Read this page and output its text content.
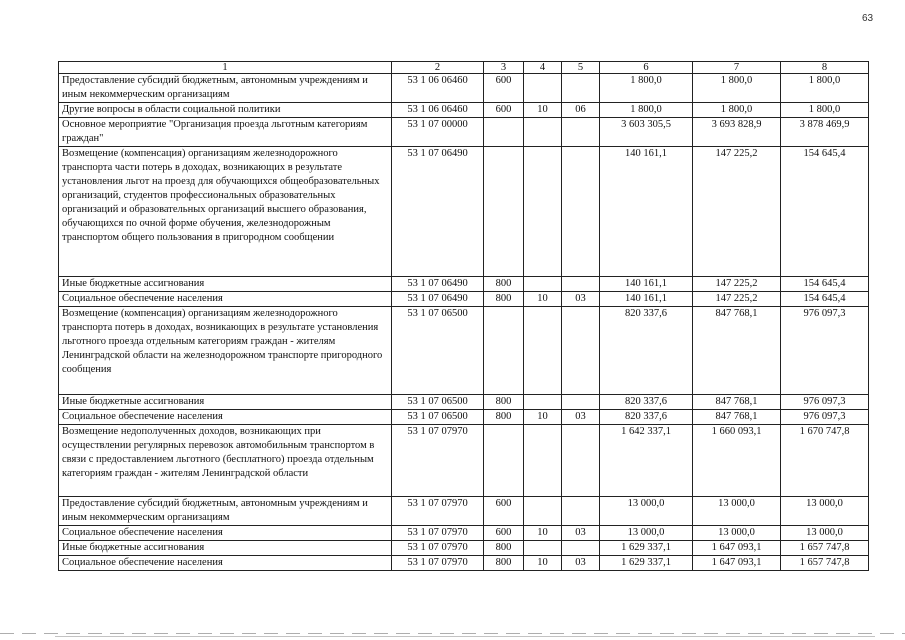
63
1	2	3	4	5	6	7	8
Предоставление субсидий бюджетным, автономным учреждениям и иным некоммерческим организациям	53 1 06 06460	600			1 800,0	1 800,0	1 800,0
Другие вопросы в области социальной политики	53 1 06 06460	600	10	06	1 800,0	1 800,0	1 800,0
Основное мероприятие "Организация проезда льготным категориям граждан"	53 1 07 00000				3 603 305,5	3 693 828,9	3 878 469,9
Возмещение (компенсация) организациям железнодорожного транспорта части потерь в доходах, возникающих в результате установления льгот на проезд для обучающихся общеобразовательных организаций, студентов профессиональных образовательных организаций и образовательных организаций высшего образования, обучающихся по очной форме обучения, железнодорожным транспортом общего пользования в пригородном сообщении	53 1 07 06490				140 161,1	147 225,2	154 645,4
Иные бюджетные ассигнования	53 1 07 06490	800			140 161,1	147 225,2	154 645,4
Социальное обеспечение населения	53 1 07 06490	800	10	03	140 161,1	147 225,2	154 645,4
Возмещение (компенсация) организациям железнодорожного транспорта потерь в доходах, возникающих в результате установления льготного проезда отдельным категориям граждан - жителям Ленинградской области на железнодорожном транспорте пригородного сообщения	53 1 07 06500				820 337,6	847 768,1	976 097,3
Иные бюджетные ассигнования	53 1 07 06500	800			820 337,6	847 768,1	976 097,3
Социальное обеспечение населения	53 1 07 06500	800	10	03	820 337,6	847 768,1	976 097,3
Возмещение недополученных доходов, возникающих при осуществлении регулярных перевозок автомобильным транспортом в связи с предоставлением льготного (бесплатного) проезда отдельным категориям граждан - жителям Ленинградской области	53 1 07 07970				1 642 337,1	1 660 093,1	1 670 747,8
Предоставление субсидий бюджетным, автономным учреждениям и иным некоммерческим организациям	53 1 07 07970	600			13 000,0	13 000,0	13 000,0
Социальное обеспечение населения	53 1 07 07970	600	10	03	13 000,0	13 000,0	13 000,0
Иные бюджетные ассигнования	53 1 07 07970	800			1 629 337,1	1 647 093,1	1 657 747,8
Социальное обеспечение населения	53 1 07 07970	800	10	03	1 629 337,1	1 647 093,1	1 657 747,8
